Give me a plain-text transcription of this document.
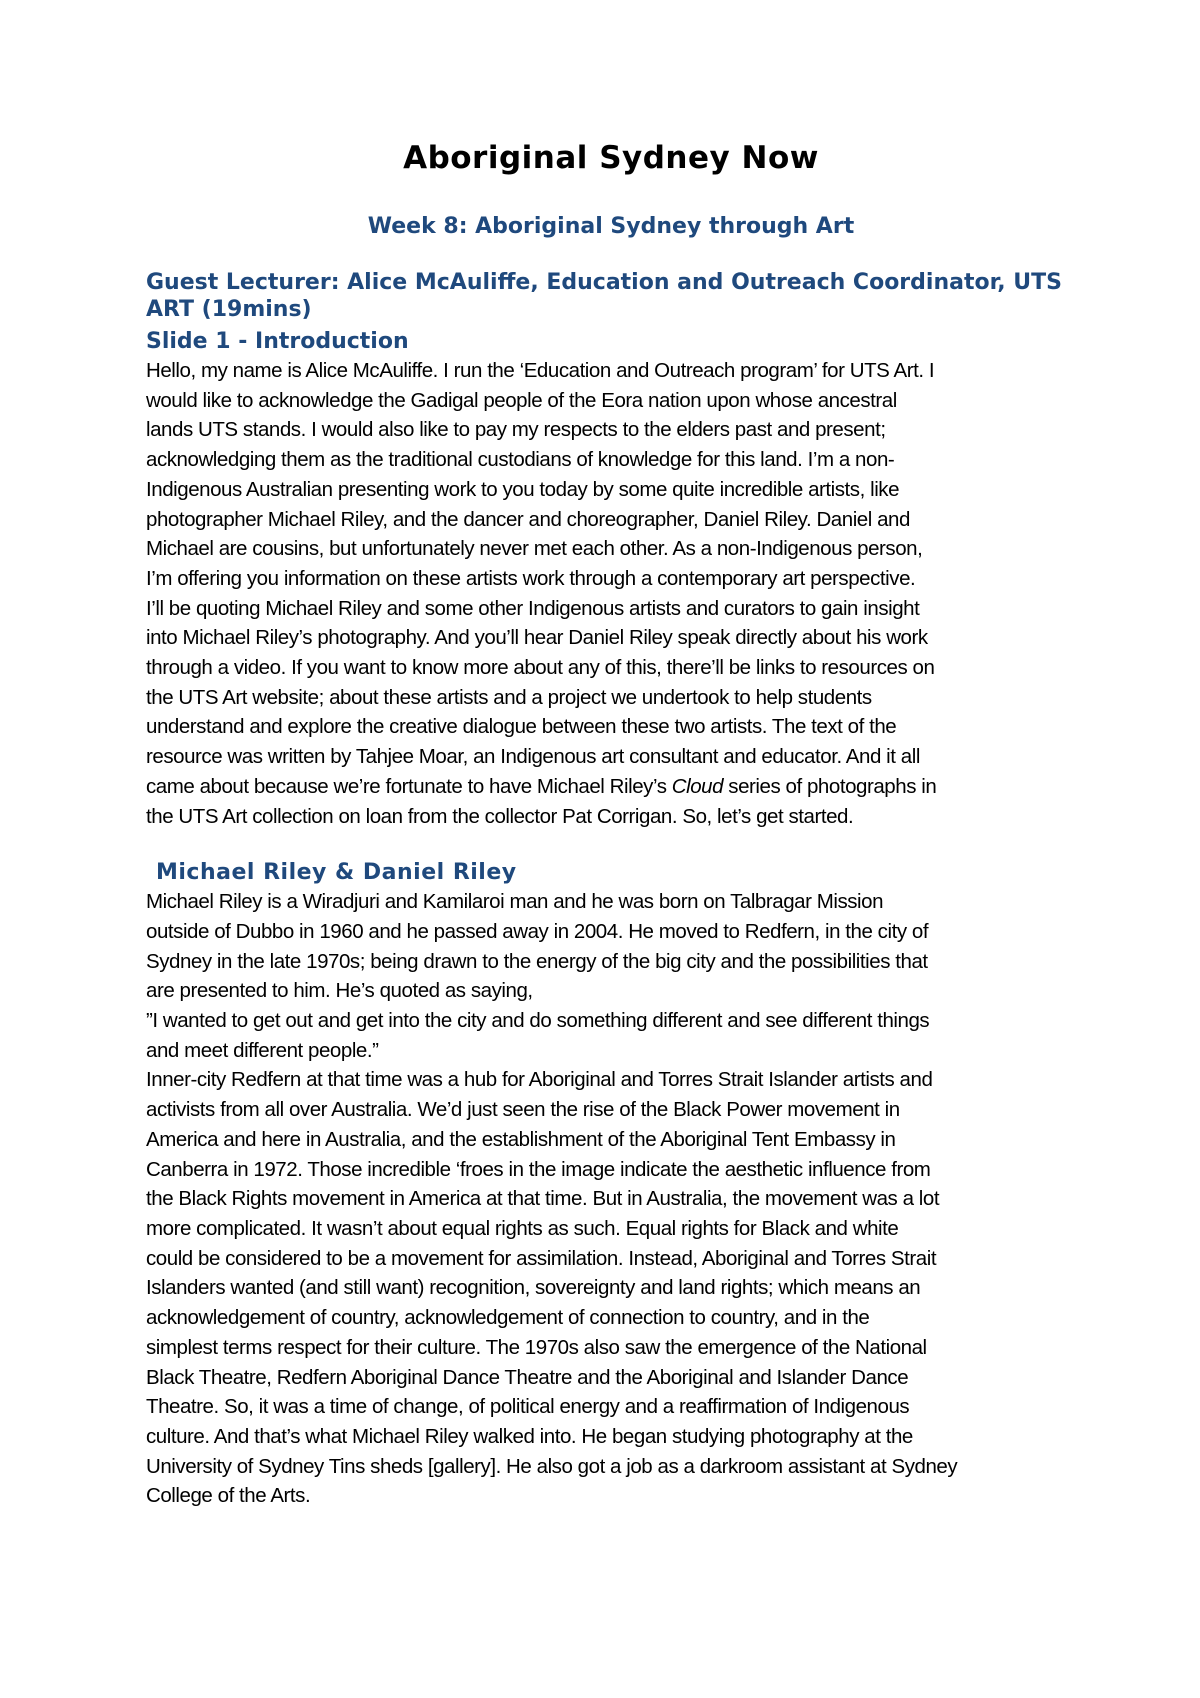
Aboriginal Sydney Now
Week 8: Aboriginal Sydney through Art
Guest Lecturer: Alice McAuliffe, Education and Outreach Coordinator, UTS
ART (19mins)
Slide 1 - Introduction

Hello, my name is Alice McAuliffe. I run the ‘Education and Outreach program’ for UTS Art. I
would like to acknowledge the Gadigal people of the Eora nation upon whose ancestral
lands UTS stands. I would also like to pay my respects to the elders past and present;
acknowledging them as the traditional custodians of knowledge for this land. I’m a non-
Indigenous Australian presenting work to you today by some quite incredible artists, like
photographer Michael Riley, and the dancer and choreographer, Daniel Riley. Daniel and
Michael are cousins, but unfortunately never met each other. As a non-Indigenous person,
I’m offering you information on these artists work through a contemporary art perspective.
I’ll be quoting Michael Riley and some other Indigenous artists and curators to gain insight
into Michael Riley’s photography. And you’ll hear Daniel Riley speak directly about his work
through a video. If you want to know more about any of this, there’ll be links to resources on
the UTS Art website; about these artists and a project we undertook to help students
understand and explore the creative dialogue between these two artists. The text of the
resource was written by Tahjee Moar, an Indigenous art consultant and educator. And it all
came about because we’re fortunate to have Michael Riley’s Cloud series of photographs in
the UTS Art collection on loan from the collector Pat Corrigan. So, let’s get started.

Michael Riley & Daniel Riley

Michael Riley is a Wiradjuri and Kamilaroi man and he was born on Talbragar Mission
outside of Dubbo in 1960 and he passed away in 2004. He moved to Redfern, in the city of
Sydney in the late 1970s; being drawn to the energy of the big city and the possibilities that
are presented to him. He’s quoted as saying,
”I wanted to get out and get into the city and do something different and see different things
and meet different people.”
Inner-city Redfern at that time was a hub for Aboriginal and Torres Strait Islander artists and
activists from all over Australia. We’d just seen the rise of the Black Power movement in
America and here in Australia, and the establishment of the Aboriginal Tent Embassy in
Canberra in 1972. Those incredible ‘froes in the image indicate the aesthetic influence from
the Black Rights movement in America at that time. But in Australia, the movement was a lot
more complicated. It wasn’t about equal rights as such. Equal rights for Black and white
could be considered to be a movement for assimilation. Instead, Aboriginal and Torres Strait
Islanders wanted (and still want) recognition, sovereignty and land rights; which means an
acknowledgement of country, acknowledgement of connection to country, and in the
simplest terms respect for their culture. The 1970s also saw the emergence of the National
Black Theatre, Redfern Aboriginal Dance Theatre and the Aboriginal and Islander Dance
Theatre. So, it was a time of change, of political energy and a reaffirmation of Indigenous
culture. And that’s what Michael Riley walked into. He began studying photography at the
University of Sydney Tins sheds [gallery]. He also got a job as a darkroom assistant at Sydney
College of the Arts.
